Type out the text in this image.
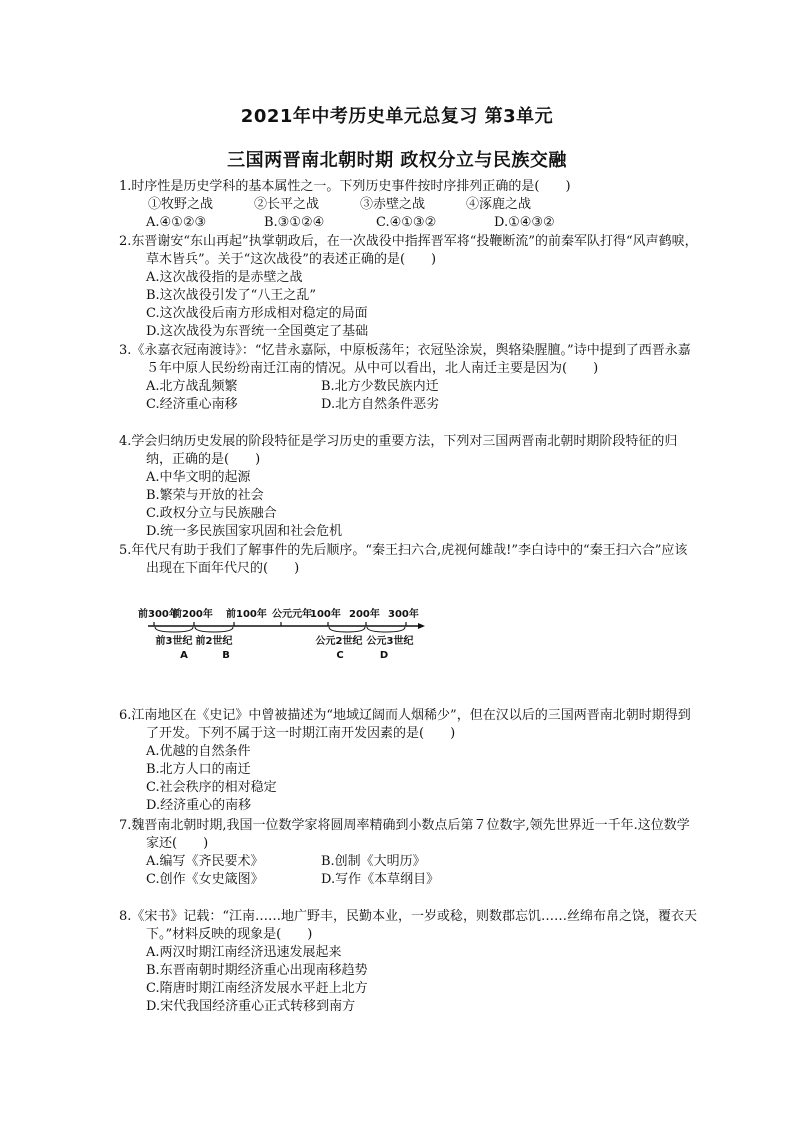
2021年中考历史单元总复习 第3单元
三国两晋南北朝时期 政权分立与民族交融

1.时序性是历史学科的基本属性之一。下列历史事件按时序排列正确的是(　　)

①牧野之战	②长平之战	③赤壁之战	④涿鹿之战
A.④①②③	B.③①②④	C.④①③②	D.①④③②

2.东晋谢安“东山再起”执掌朝政后，在一次战役中指挥晋军将“投鞭断流”的前秦军队打得“风声鹤唳，草木皆兵”。关于“这次战役”的表述正确的是(　　)

A.这次战役指的是赤壁之战
B.这次战役引发了“八王之乱”
C.这次战役后南方形成相对稳定的局面
D.这次战役为东晋统一全国奠定了基础

3.《永嘉衣冠南渡诗》：“忆昔永嘉际，中原板荡年；衣冠坠涂炭，舆辂染腥膻。”诗中提到了西晋永嘉５年中原人民纷纷南迁江南的情况。从中可以看出，北人南迁主要是因为(　　)

A.北方战乱频繁	B.北方少数民族内迁
C.经济重心南移	D.北方自然条件恶劣

4.学会归纳历史发展的阶段特征是学习历史的重要方法，下列对三国两晋南北朝时期阶段特征的归纳，正确的是(　　)

A.中华文明的起源
B.繁荣与开放的社会
C.政权分立与民族融合
D.统一多民族国家巩固和社会危机

5.年代尺有助于我们了解事件的先后顺序。“秦王扫六合,虎视何雄哉!”李白诗中的“秦王扫六合”应该出现在下面年代尺的(　　)

前300年
前200年 前100年 公元元年
100年 200年 300年
前3世纪 前2世纪	公元2世纪 公元3世纪
A	B	C	D

6.江南地区在《史记》中曾被描述为“地域辽阔而人烟稀少”，但在汉以后的三国两晋南北朝时期得到了开发。下列不属于这一时期江南开发因素的是(　　)

A.优越的自然条件
B.北方人口的南迁
C.社会秩序的相对稳定
D.经济重心的南移

7.魏晋南北朝时期,我国一位数学家将圆周率精确到小数点后第７位数字,领先世界近一千年.这位数学家还(　　)

A.编写《齐民要术》	B.创制《大明历》
C.创作《女史箴图》	D.写作《本草纲目》

8.《宋书》记载：“江南……地广野丰，民勤本业，一岁或稔，则数郡忘饥……丝绵布帛之饶，覆衣天下。”材料反映的现象是(　　)

A.两汉时期江南经济迅速发展起来
B.东晋南朝时期经济重心出现南移趋势
C.隋唐时期江南经济发展水平赶上北方
D.宋代我国经济重心正式转移到南方
